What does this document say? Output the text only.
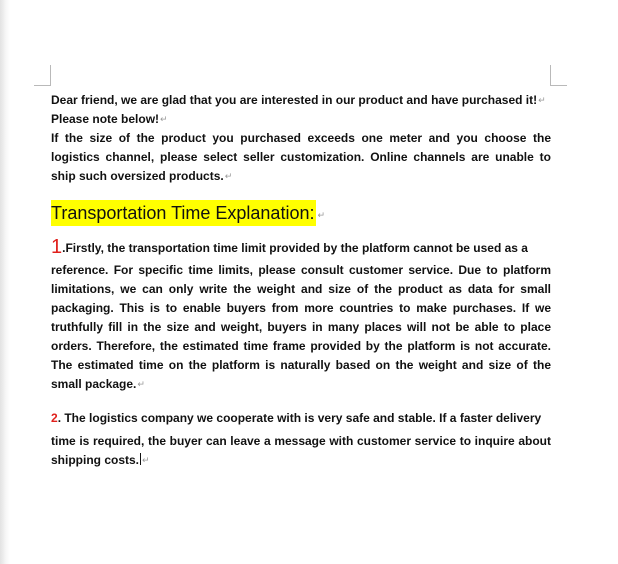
Dear friend, we are glad that you are interested in our product and have purchased it!↵

Please note below!↵

If the size of the product you purchased exceeds one meter and you choose the logistics channel, please select seller customization. Online channels are unable to ship such oversized products.↵

Transportation Time Explanation: ↵

1.Firstly, the transportation time limit provided by the platform cannot be used as a

reference. For specific time limits, please consult customer service. Due to platform limitations, we can only write the weight and size of the product as data for small packaging. This is to enable buyers from more countries to make purchases. If we truthfully fill in the size and weight, buyers in many places will not be able to place orders. Therefore, the estimated time frame provided by the platform is not accurate. The estimated time on the platform is naturally based on the weight and size of the small package.↵

2. The logistics company we cooperate with is very safe and stable. If a faster delivery

time is required, the buyer can leave a message with customer service to inquire about shipping costs. ↵
